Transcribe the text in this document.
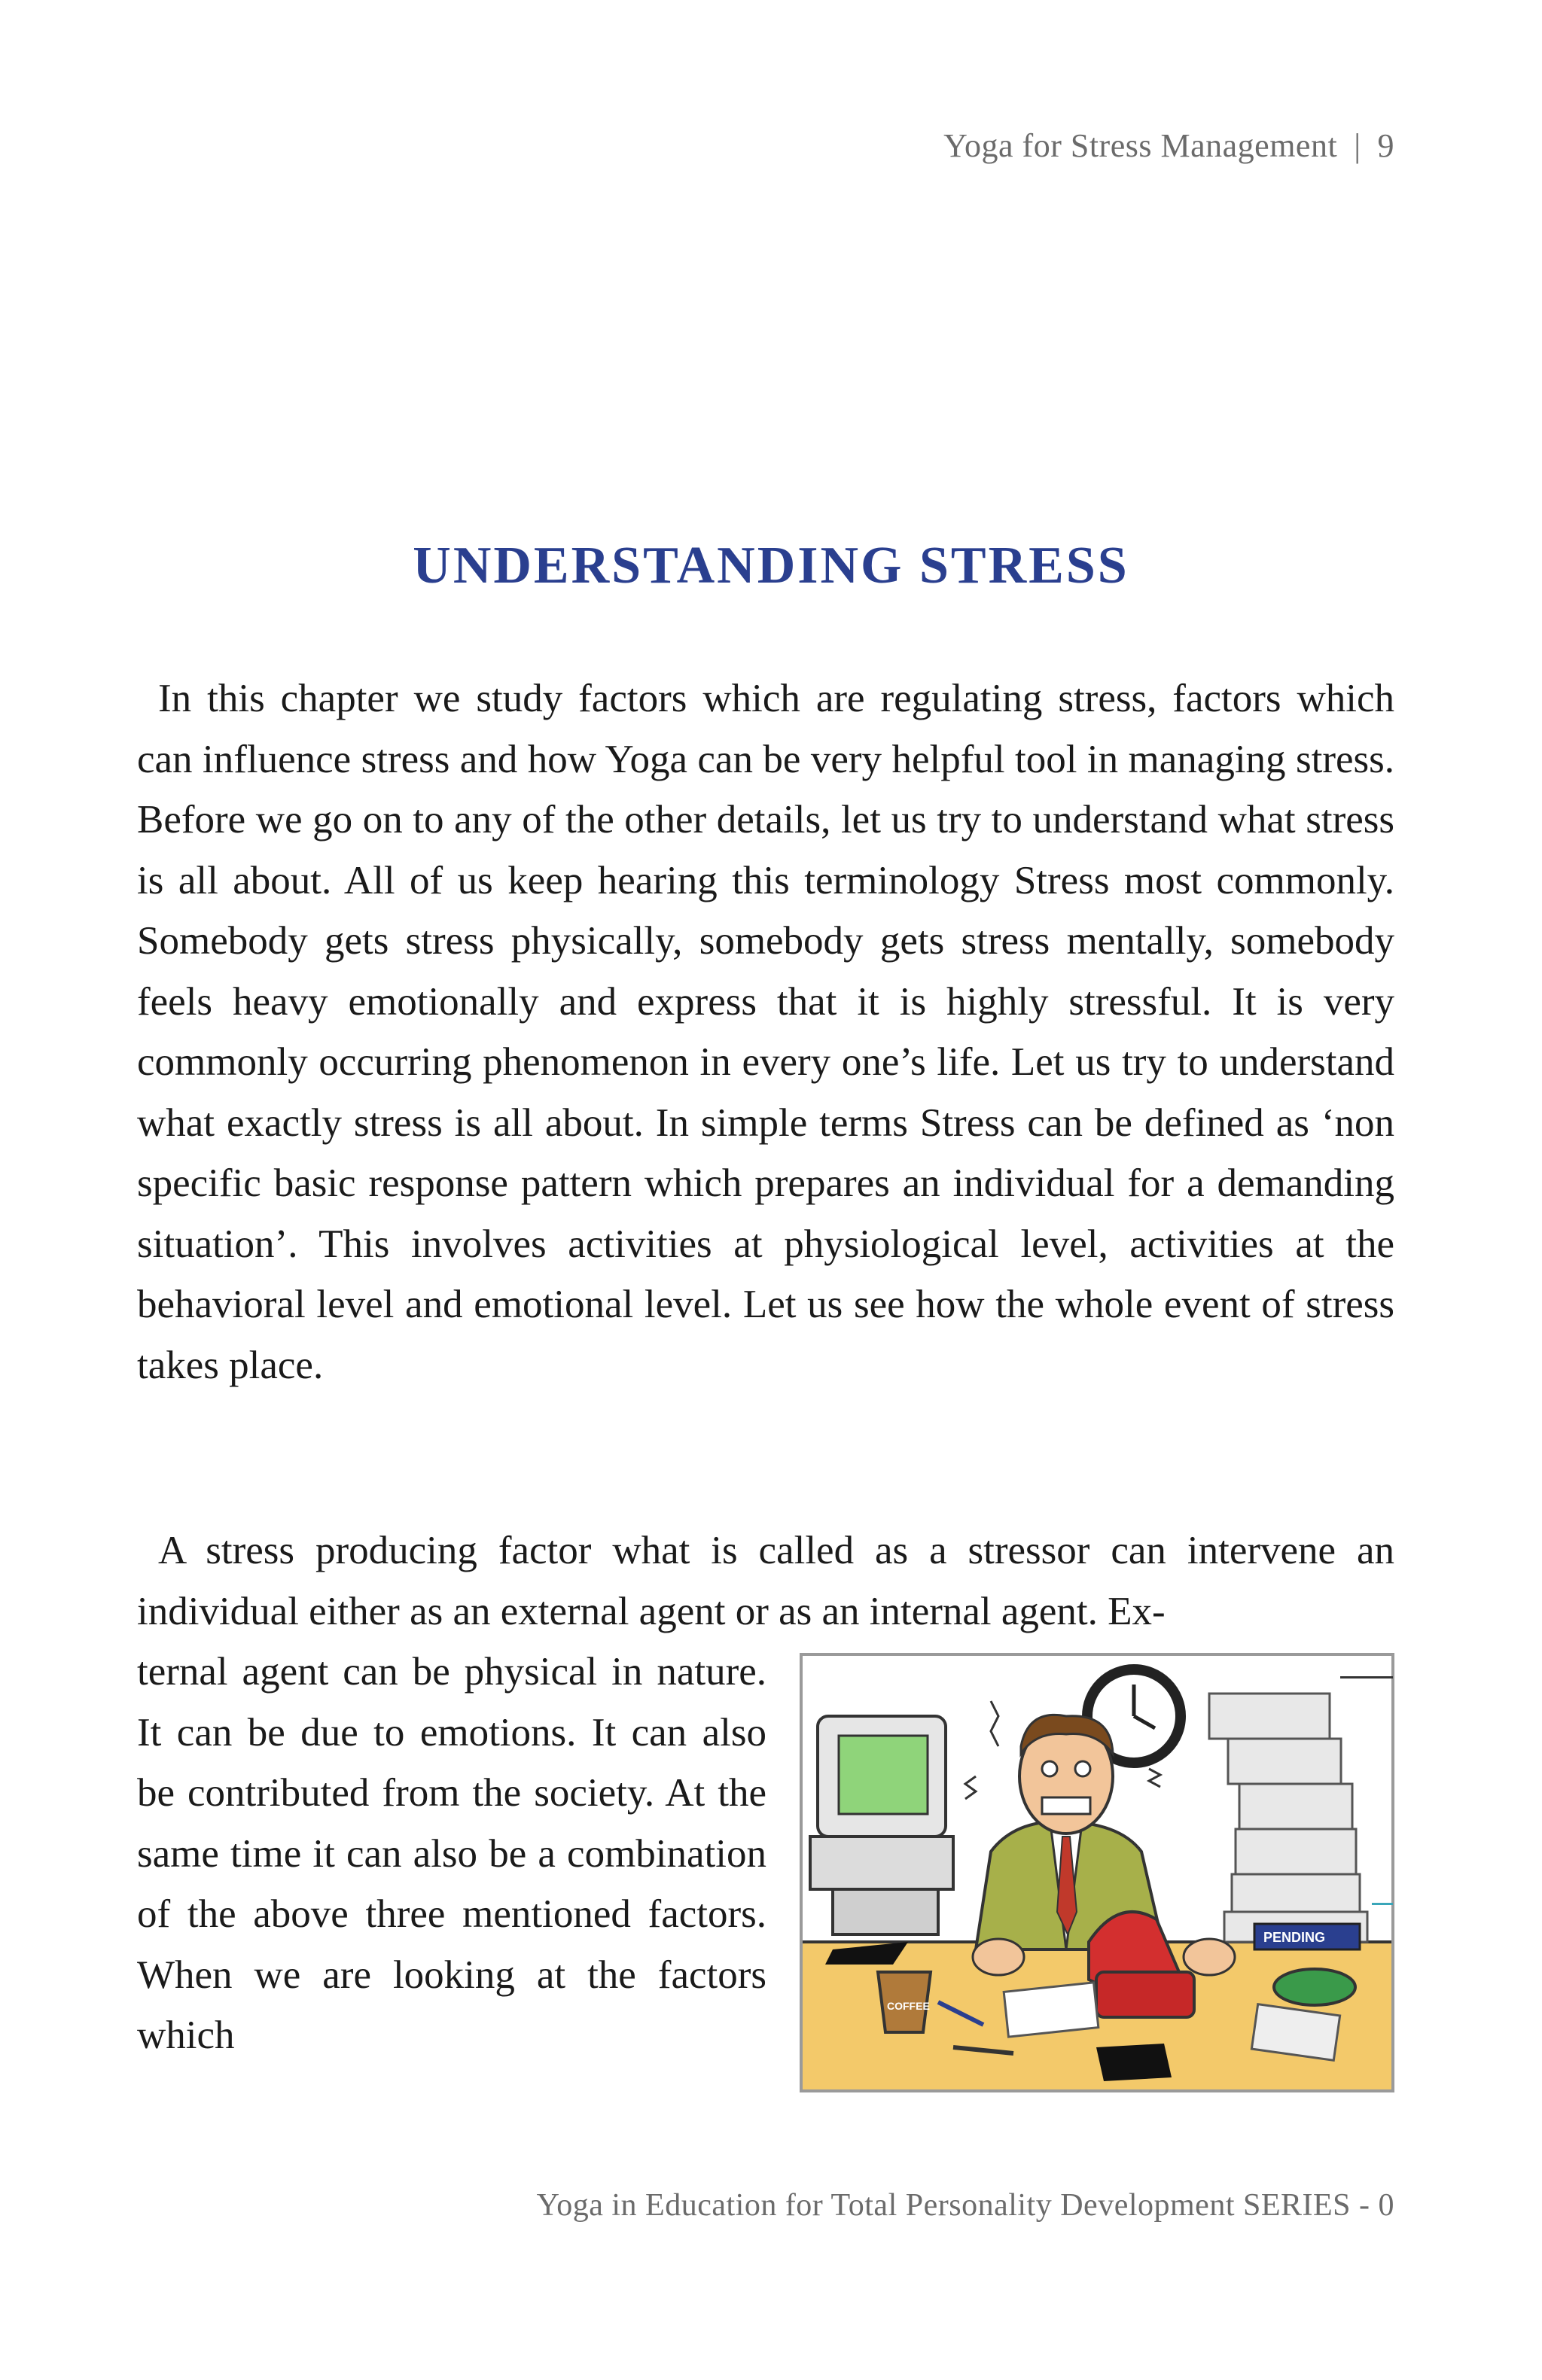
Yoga for Stress Management | 9
UNDERSTANDING STRESS
In this chapter we study factors which are regulating stress, factors which can influence stress and how Yoga can be very helpful tool in managing stress. Before we go on to any of the other details, let us try to understand what stress is all about. All of us keep hearing this terminology Stress most commonly. Somebody gets stress physically, somebody gets stress mentally, somebody feels heavy emotionally and express that it is highly stressful. It is very commonly occurring phenomenon in every one’s life. Let us try to understand what exactly stress is all about. In simple terms Stress can be defined as ‘non specific basic response pattern which prepares an individual for a demanding situation’. This involves activities at physiological level, activities at the behavioral level and emotional level. Let us see how the whole event of stress takes place.
A stress producing factor what is called as a stressor can intervene an individual either as an external agent or as an internal agent. Ex-
ternal agent can be physical in nature. It can be due to emotions. It can also be contributed from the society. At the same time it can also be a combination of the above three mentioned factors. When we are looking at the factors which
PENDING
COFFEE
Yoga in Education for Total Personality Development SERIES - 0
